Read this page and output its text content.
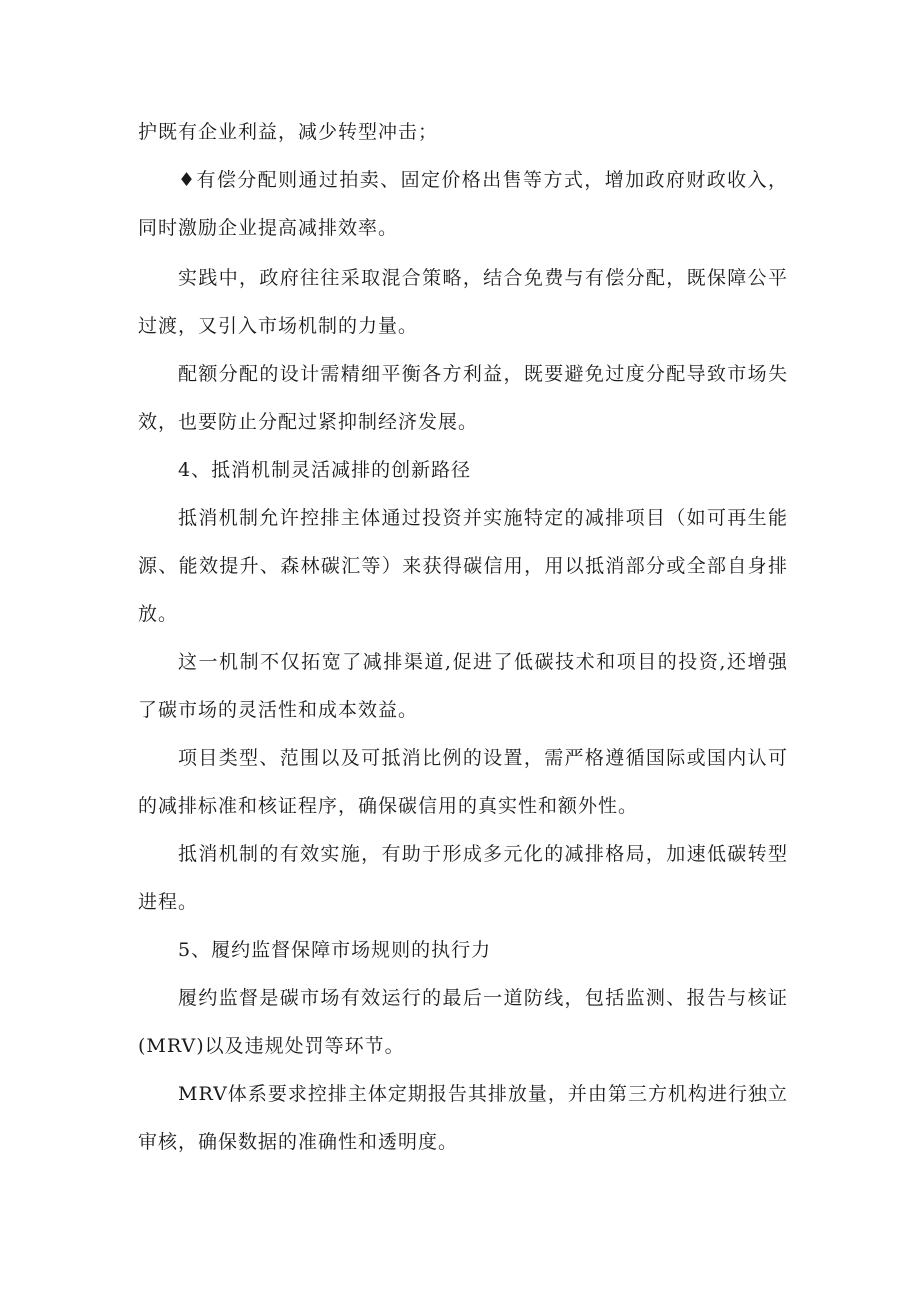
护既有企业利益，减少转型冲击；

♦有偿分配则通过拍卖、固定价格出售等方式，增加政府财政收入，同时激励企业提高减排效率。

实践中，政府往往采取混合策略，结合免费与有偿分配，既保障公平过渡，又引入市场机制的力量。

配额分配的设计需精细平衡各方利益，既要避免过度分配导致市场失效，也要防止分配过紧抑制经济发展。

4、抵消机制灵活减排的创新路径

抵消机制允许控排主体通过投资并实施特定的减排项目（如可再生能源、能效提升、森林碳汇等）来获得碳信用，用以抵消部分或全部自身排放。

这一机制不仅拓宽了减排渠道,促进了低碳技术和项目的投资,还增强了碳市场的灵活性和成本效益。

项目类型、范围以及可抵消比例的设置，需严格遵循国际或国内认可的减排标准和核证程序，确保碳信用的真实性和额外性。

抵消机制的有效实施，有助于形成多元化的减排格局，加速低碳转型进程。

5、履约监督保障市场规则的执行力

履约监督是碳市场有效运行的最后一道防线，包括监测、报告与核证(MRV)以及违规处罚等环节。

MRV体系要求控排主体定期报告其排放量，并由第三方机构进行独立审核，确保数据的准确性和透明度。
